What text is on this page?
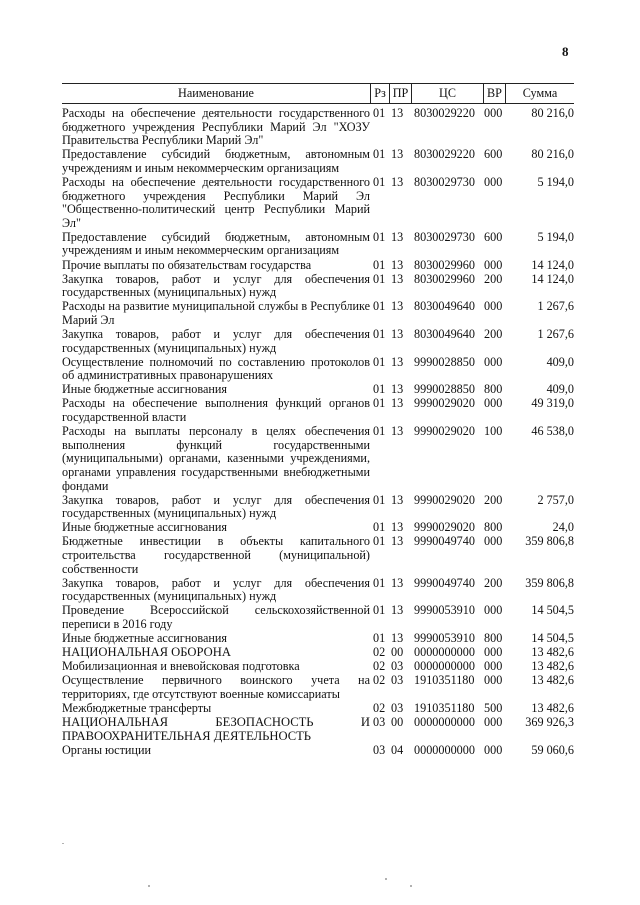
8
Наименование	Рз ПР	ЦС	ВР	Сумма
Расходы на обеспечение деятельности государственного бюджетного учреждения Республики Марий Эл "ХОЗУ Правительства Республики Марий Эл"
01 13 8030029220 000	80 216,0
Предоставление субсидий бюджетным, автономным учреждениям и иным некоммерческим организациям
01 13 8030029220 600	80 216,0
Расходы на обеспечение деятельности государственного бюджетного учреждения Республики Марий Эл "Общественно-политический центр Республики Марий Эл"
01 13 8030029730 000	5 194,0
Предоставление субсидий бюджетным, автономным учреждениям и иным некоммерческим организациям
01 13 8030029730 600	5 194,0
Прочие выплаты по обязательствам государства	01 13 8030029960 000	14 124,0
Закупка товаров, работ и услуг для обеспечения государственных (муниципальных) нужд
01 13 8030029960 200	14 124,0
Расходы на развитие муниципальной службы в Республике Марий Эл
01 13 8030049640 000	1 267,6
Закупка товаров, работ и услуг для обеспечения государственных (муниципальных) нужд
01 13 8030049640 200	1 267,6
Осуществление полномочий по составлению протоколов об административных правонарушениях
01 13 9990028850 000	409,0
Иные бюджетные ассигнования	01 13 9990028850 800	409,0
Расходы на обеспечение выполнения функций органов государственной власти
01 13 9990029020 000	49 319,0
Расходы на выплаты персоналу в целях обеспечения выполнения функций государственными (муниципальными) органами, казенными учреждениями, органами управления государственными внебюджетными фондами
01 13 9990029020 100	46 538,0
Закупка товаров, работ и услуг для обеспечения государственных (муниципальных) нужд
01 13 9990029020 200	2 757,0
Иные бюджетные ассигнования	01 13 9990029020 800	24,0
Бюджетные инвестиции в объекты капитального строительства государственной (муниципальной) собственности
01 13 9990049740 000	359 806,8
Закупка товаров, работ и услуг для обеспечения государственных (муниципальных) нужд
01 13 9990049740 200	359 806,8
Проведение Всероссийской сельскохозяйственной переписи в 2016 году
01 13 9990053910 000	14 504,5
Иные бюджетные ассигнования	01 13 9990053910 800	14 504,5
НАЦИОНАЛЬНАЯ ОБОРОНА	02 00 0000000000 000	13 482,6
Мобилизационная и вневойсковая подготовка	02 03 0000000000 000	13 482,6
Осуществление первичного воинского учета на территориях, где отсутствуют военные комиссариаты
02 03 1910351180 000	13 482,6
Межбюджетные трансферты	02 03 1910351180 500	13 482,6
НАЦИОНАЛЬНАЯ БЕЗОПАСНОСТЬ И ПРАВООХРАНИТЕЛЬНАЯ ДЕЯТЕЛЬНОСТЬ
03 00 0000000000 000	369 926,3
Органы юстиции	03 04 0000000000 000	59 060,6
